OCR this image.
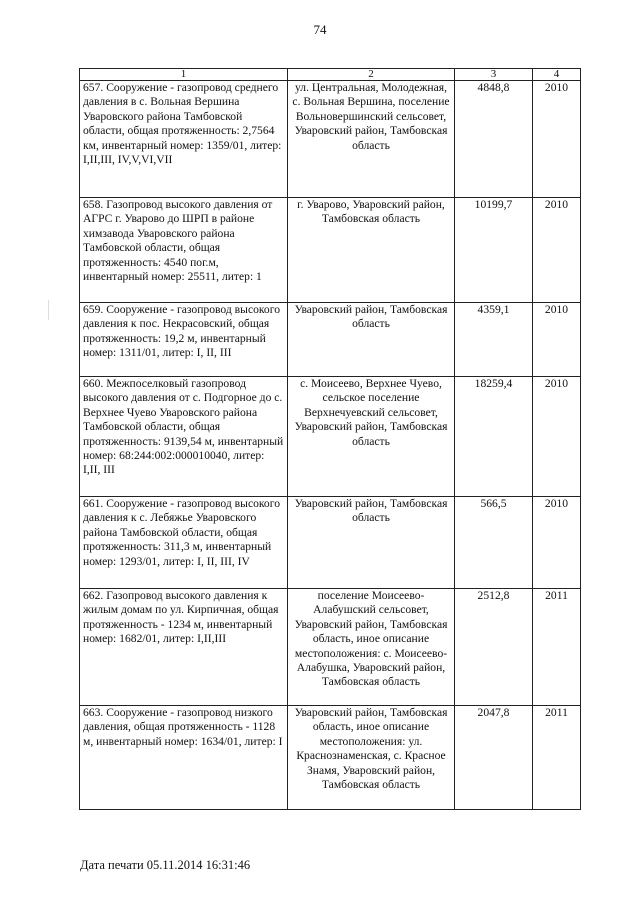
74
1	2	3	4
657. Сооружение - газопровод среднего давления в с. Вольная Вершина Уваровского района Тамбовской области, общая протяженность: 2,7564 км, инвентарный номер: 1359/01, литер: I,II,III, IV,V,VI,VII	ул. Центральная, Молодежная, с. Вольная Вершина, поселение Вольновершинский сельсовет, Уваровский район, Тамбовская область	4848,8	2010
658. Газопровод высокого давления от АГРС г. Уварово до ШРП в районе химзавода Уваровского района Тамбовской области, общая протяженность: 4540 пог.м, инвентарный номер: 25511, литер: 1	г. Уварово, Уваровский район, Тамбовская область	10199,7	2010
659. Сооружение - газопровод высокого давления к пос. Некрасовский, общая протяженность: 19,2 м, инвентарный номер: 1311/01, литер: I, II, III	Уваровский район, Тамбовская область	4359,1	2010
660. Межпоселковый газопровод высокого давления от с. Подгорное до с. Верхнее Чуево Уваровского района Тамбовской области, общая протяженность: 9139,54 м, инвентарный номер: 68:244:002:000010040, литер: I,II, III	с. Моисеево, Верхнее Чуево, сельское поселение Верхнечуевский сельсовет, Уваровский район, Тамбовская область	18259,4	2010
661. Сооружение - газопровод высокого давления к с. Лебяжье Уваровского района Тамбовской области, общая протяженность: 311,3 м, инвентарный номер: 1293/01, литер: I, II, III, IV	Уваровский район, Тамбовская область	566,5	2010
662. Газопровод высокого давления к жилым домам по ул. Кирпичная, общая протяженность - 1234 м, инвентарный номер: 1682/01, литер: I,II,III	поселение Моисеево-Алабушский сельсовет, Уваровский район, Тамбовская область, иное описание местоположения: с. Моисеево-Алабушка, Уваровский район, Тамбовская область	2512,8	2011
663. Сооружение - газопровод низкого давления, общая протяженность - 1128 м, инвентарный номер: 1634/01, литер: I	Уваровский район, Тамбовская область, иное описание местоположения: ул. Краснознаменская, с. Красное Знамя, Уваровский район, Тамбовская область	2047,8	2011
Дата печати 05.11.2014 16:31:46
